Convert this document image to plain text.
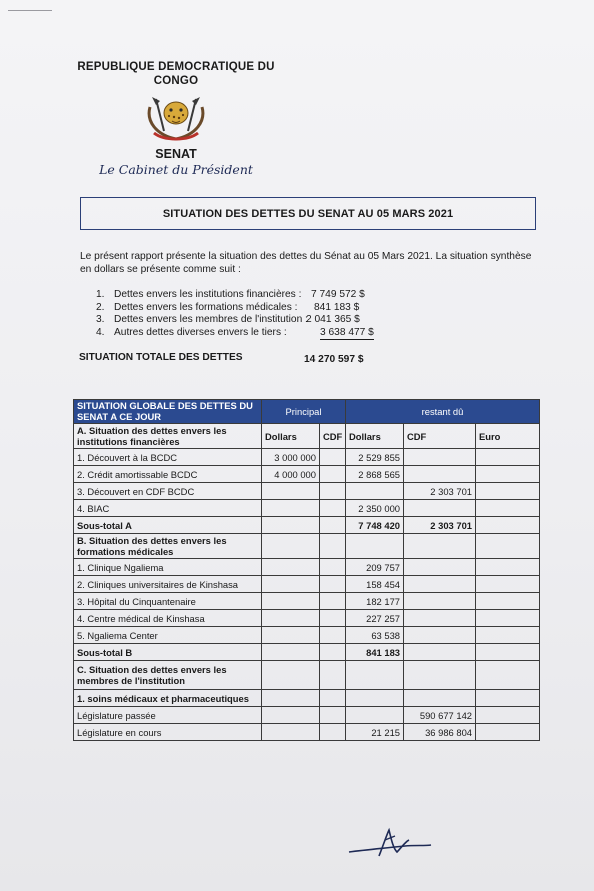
REPUBLIQUE DEMOCRATIQUE DU CONGO
SENAT
Le Cabinet du Président
SITUATION DES DETTES DU SENAT AU 05 MARS 2021
Le présent rapport présente la situation des dettes du Sénat au 05 Mars 2021. La situation synthèse en dollars se présente comme suit :
1. Dettes envers les institutions financières : 7 749 572 $
2. Dettes envers les formations médicales : 841 183 $
3. Dettes envers les membres de l'institution :
2 041 365 $
4. Autres dettes diverses envers le tiers :	3 638 477 $
SITUATION TOTALE DES DETTES	14 270 597 $
SITUATION GLOBALE DES DETTES DU SENAT A CE JOUR	Principal		restant dû		
A. Situation des dettes envers les institutions financières	Dollars	CDF	Dollars	CDF	Euro
1. Découvert à la BCDC	3 000 000		2 529 855		
2. Crédit amortissable BCDC	4 000 000		2 868 565		
3. Découvert en CDF BCDC				2 303 701	
4. BIAC			2 350 000		
Sous-total A			7 748 420	2 303 701	
B. Situation des dettes envers les formations médicales					
1. Clinique Ngaliema			209 757		
2. Cliniques universitaires de Kinshasa			158 454		
3. Hôpital du Cinquantenaire			182 177		
4. Centre médical de Kinshasa			227 257		
5. Ngaliema Center			63 538		
Sous-total B			841 183		
C. Situation des dettes envers les membres de l'institution					
1. soins médicaux et pharmaceutiques					
Législature passée				590 677 142	
Législature en cours			21 215	36 986 804	
